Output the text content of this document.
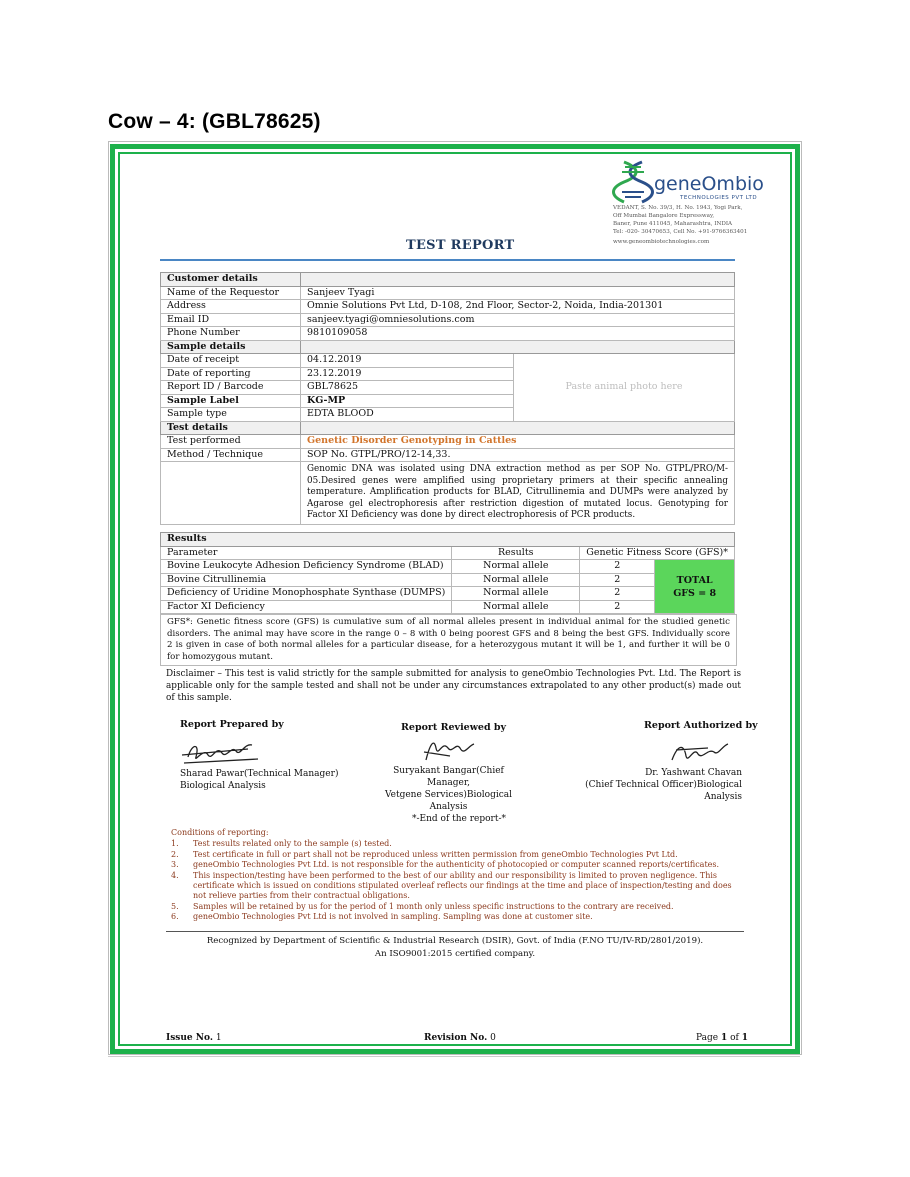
Cow – 4: (GBL78625)
geneOmbio
TECHNOLOGIES PVT LTD
VEDANT, S. No. 39/3, H. No. 1943, Yogi Park,
Off Mumbai Bangalore Expressway,
Baner, Pune 411045, Maharashtra, INDIA
Tel: -020- 30470653, Cell No. +91-9766363401
www.geneombiotechnologies.com
TEST REPORT
Customer details		
Name of the Requestor	Sanjeev Tyagi	
Address	Omnie Solutions Pvt Ltd, D-108, 2nd Floor, Sector-2, Noida, India-201301	
Email ID	sanjeev.tyagi@omniesolutions.com	
Phone Number	9810109058	
Sample details		
Date of receipt	04.12.2019	Paste animal photo here
Date of reporting	23.12.2019	
Report ID / Barcode	GBL78625	
Sample Label	KG-MP	
Sample type	EDTA BLOOD	
Test details		
Test performed	Genetic Disorder Genotyping in Cattles	
Method / Technique	SOP No. GTPL/PRO/12-14,33.	
	Genomic DNA was isolated using DNA extraction method as per SOP No. GTPL/PRO/M-05.Desired genes were amplified using proprietary primers at their specific annealing temperature. Amplification products for BLAD, Citrullinemia and DUMPs were analyzed by Agarose gel electrophoresis after restriction digestion of mutated locus. Genotyping for Factor XI Deficiency was done by direct electrophoresis of PCR products.	
Results			
Parameter	Results	Genetic Fitness Score (GFS)*	
Bovine Leukocyte Adhesion Deficiency Syndrome (BLAD)	Normal allele	2	TOTAL
GFS = 8

Bovine Citrullinemia	Normal allele	2	
Deficiency of Uridine Monophosphate Synthase (DUMPS)	Normal allele	2	
Factor XI Deficiency	Normal allele	2	
GFS*: Genetic fitness score (GFS) is cumulative sum of all normal alleles present in individual animal for the studied genetic disorders. The animal may have score in the range 0 – 8 with 0 being poorest GFS and 8 being the best GFS. Individually score 2 is given in case of both normal alleles for a particular disease, for a heterozygous mutant it will be 1, and further it will be 0 for homozygous mutant.
Disclaimer – This test is valid strictly for the sample submitted for analysis to geneOmbio Technologies Pvt. Ltd. The Report is applicable only for the sample tested and shall not be under any circumstances extrapolated to any other product(s) made out of this sample.
Report Prepared by
Sharad Pawar(Technical Manager)
Biological Analysis
Report Reviewed by
Suryakant Bangar(Chief Manager,
Vetgene Services)Biological Analysis
Report Authorized by
Dr. Yashwant Chavan
(Chief Technical Officer)Biological Analysis
*-End of the report-*
Conditions of reporting:
1.	Test results related only to the sample (s) tested.
2.	Test certificate in full or part shall not be reproduced unless written permission from geneOmbio Technologies Pvt Ltd.
3.	geneOmbio Technologies Pvt Ltd. is not responsible for the authenticity of photocopied or computer scanned reports/certificates.
4.	This inspection/testing have been performed to the best of our ability and our responsibility is limited to proven negligence. This certificate which is issued on conditions stipulated overleaf reflects our findings at the time and place of inspection/testing and does not relieve parties from their contractual obligations.
5.	Samples will be retained by us for the period of 1 month only unless specific instructions to the contrary are received.
6.	geneOmbio Technologies Pvt Ltd is not involved in sampling. Sampling was done at customer site.
Recognized by Department of Scientific & Industrial Research (DSIR), Govt. of India (F.NO TU/IV-RD/2801/2019).
An ISO9001:2015 certified company.
Issue No. 1	Revision No. 0	Page 1 of 1
